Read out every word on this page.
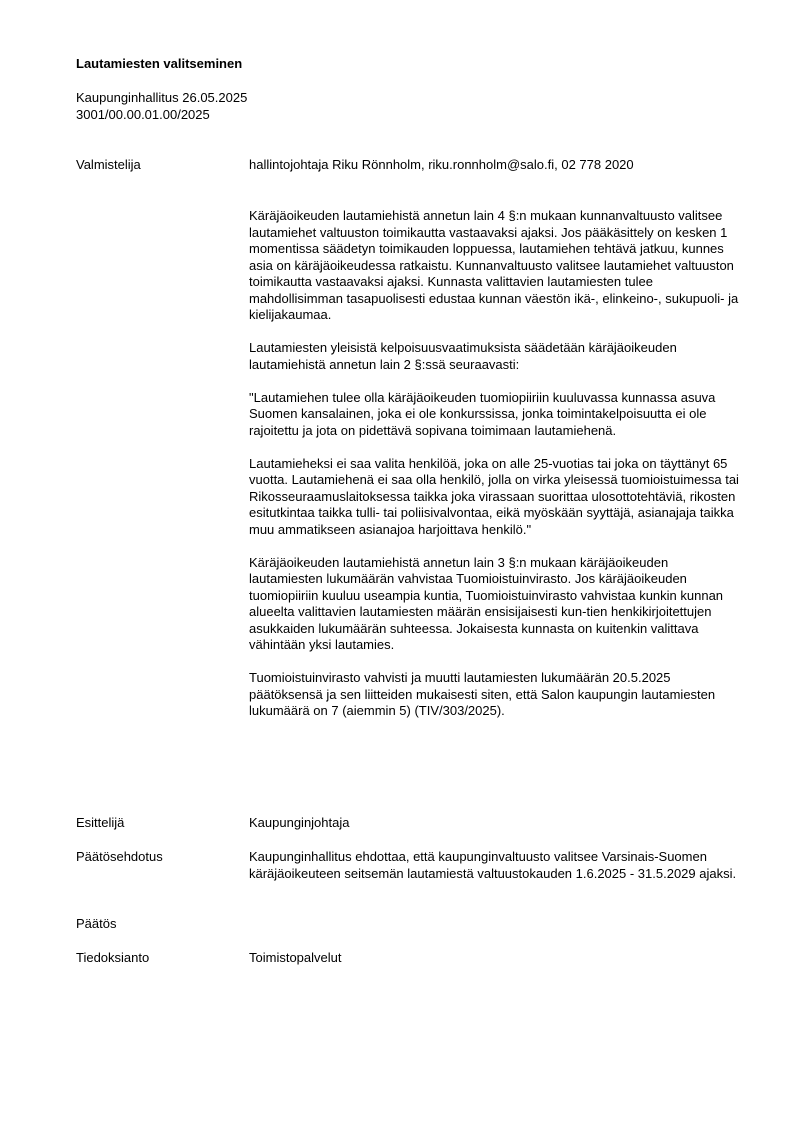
Lautamiesten valitseminen
Kaupunginhallitus 26.05.2025
3001/00.00.01.00/2025
Valmistelija	hallintojohtaja Riku Rönnholm, riku.ronnholm@salo.fi, 02 778 2020

Käräjäoikeuden lautamiehistä annetun lain 4 §:n mukaan kunnanvaltuusto valitsee lautamiehet valtuuston toimikautta vastaavaksi ajaksi. Jos pääkäsittely on kesken 1 momentissa säädetyn toimikauden loppuessa, lautamiehen tehtävä jatkuu, kunnes asia on käräjäoikeudessa ratkaistu. Kunnanvaltuusto valitsee lautamiehet valtuuston toimikautta vastaavaksi ajaksi. Kunnasta valittavien lautamiesten tulee mahdollisimman tasapuolisesti edustaa kunnan väestön ikä-, elinkeino-, sukupuoli- ja kielijakaumaa.

Lautamiesten yleisistä kelpoisuusvaatimuksista säädetään käräjäoikeuden lautamiehistä annetun lain 2 §:ssä seuraavasti:

"Lautamiehen tulee olla käräjäoikeuden tuomiopiiriin kuuluvassa kunnassa asuva Suomen kansalainen, joka ei ole konkurssissa, jonka toimintakelpoisuutta ei ole rajoitettu ja jota on pidettävä sopivana toimimaan lautamiehenä.

Lautamieheksi ei saa valita henkilöä, joka on alle 25-vuotias tai joka on täyttänyt 65 vuotta. Lautamiehenä ei saa olla henkilö, jolla on virka yleisessä tuomioistuimessa tai Rikosseuraamuslaitoksessa taikka joka virassaan suorittaa ulosottotehtäviä, rikosten esitutkintaa taikka tulli- tai poliisivalvontaa, eikä myöskään syyttäjä, asianajaja taikka muu ammatikseen asianajoa harjoittava henkilö."

Käräjäoikeuden lautamiehistä annetun lain 3 §:n mukaan käräjäoikeuden lautamiesten lukumäärän vahvistaa Tuomioistuinvirasto. Jos käräjäoikeuden tuomiopiiriin kuuluu useampia kuntia, Tuomioistuinvirasto vahvistaa kunkin kunnan alueelta valittavien lautamiesten määrän ensisijaisesti kun-tien henkikirjoitettujen asukkaiden lukumäärän suhteessa. Jokaisesta kunnasta on kuitenkin valittava vähintään yksi lautamies.

Tuomioistuinvirasto vahvisti ja muutti lautamiesten lukumäärän 20.5.2025 päätöksensä ja sen liitteiden mukaisesti siten, että Salon kaupungin lautamiesten lukumäärä on 7 (aiemmin 5) (TIV/303/2025).

Esittelijä	Kaupunginjohtaja
Päätösehdotus	Kaupunginhallitus ehdottaa, että kaupunginvaltuusto valitsee Varsinais-Suomen käräjäoikeuteen seitsemän lautamiestä valtuustokauden 1.6.2025 - 31.5.2029 ajaksi.
Päätös
Tiedoksianto	Toimistopalvelut
